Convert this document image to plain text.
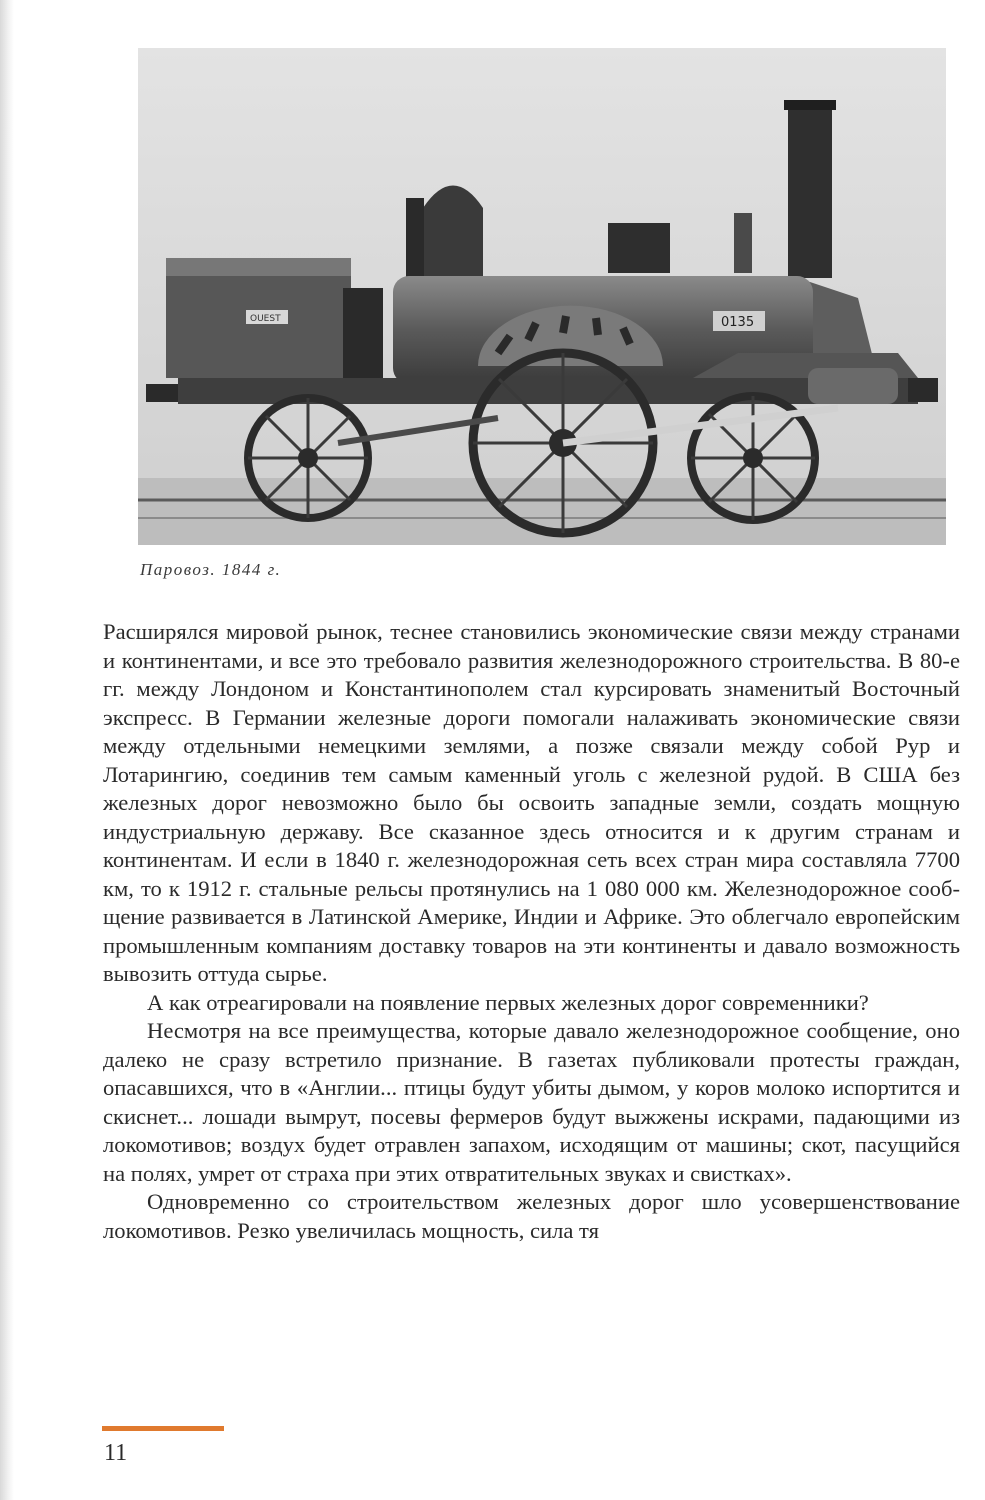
OUEST	0135
Паровоз. 1844 г.

Расширялся мировой рынок, теснее становились экономические связи между странами и континентами, и все это требовало развития железнодорожного строительства. В 80-е гг. между Лондоном и Константинополем стал курсировать знаменитый Восточный экспресс. В Германии железные дороги помогали налаживать экономические связи между отдельными немецкими землями, а позже связали между собой Рур и Лотарингию, соединив тем самым каменный уголь с железной рудой. В США без железных дорог невозможно было бы освоить западные земли, создать мощную индустриальную державу. Все сказанное здесь относится и к другим странам и континентам. И если в 1840 г. железнодорожная сеть всех стран мира составляла 7700 км, то к 1912 г. стальные рельсы протянулись на 1 080 000 км. Железнодорожное сообщение развивается в Латинской Америке, Индии и Африке. Это облегчало европейским промышленным компаниям доставку товаров на эти континенты и давало возможность вывозить оттуда сырье.

А как отреагировали на появление первых железных дорог современники?

Несмотря на все преимущества, которые давало железнодорожное сообщение, оно далеко не сразу встретило признание. В газетах публиковали протесты граждан, опасавшихся, что в «Англии... птицы будут убиты дымом, у коров молоко испортится и скиснет... лошади вымрут, посевы фермеров будут выжжены искрами, падающими из локомотивов; воздух будет отравлен запахом, исходящим от машины; скот, пасущийся на полях, умрет от страха при этих отвратительных звуках и свистках».

Одновременно со строительством железных дорог шло усовершенствование локомотивов. Резко увеличилась мощность, сила тя

11
